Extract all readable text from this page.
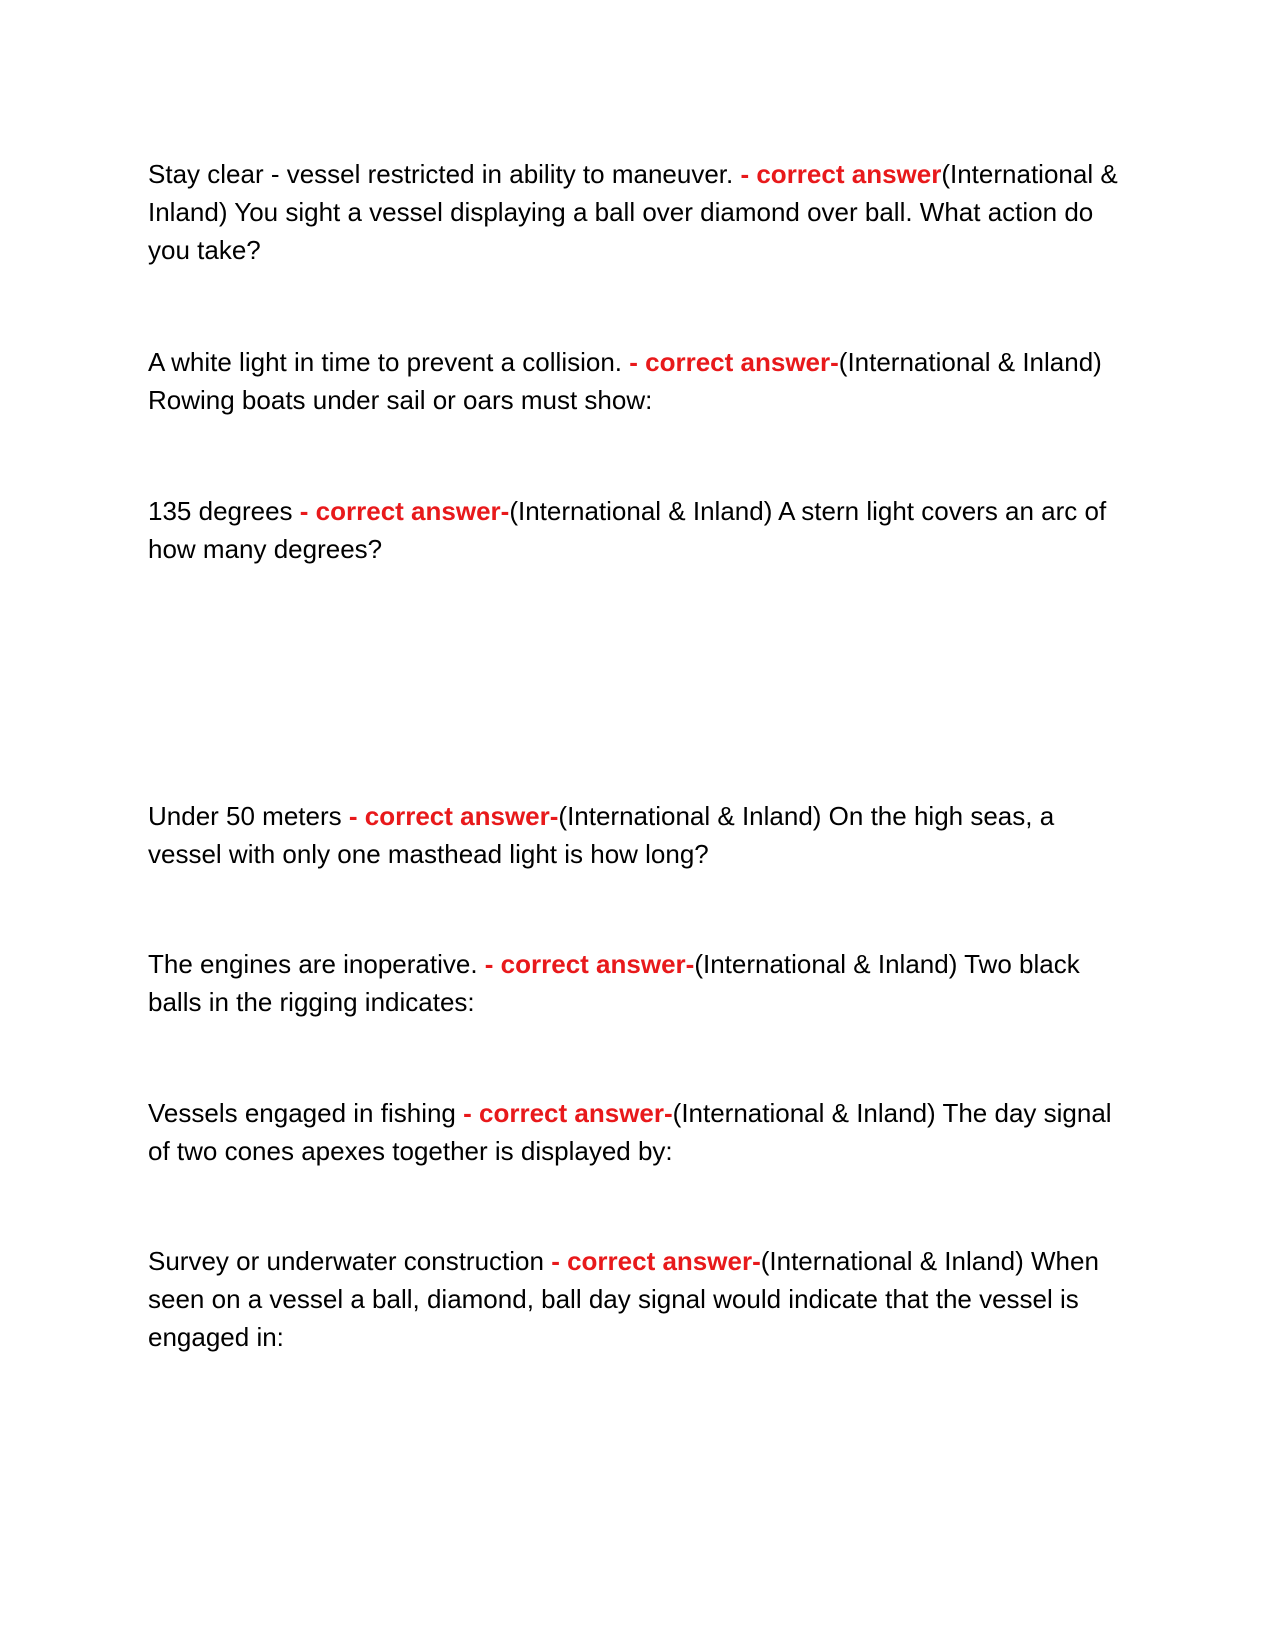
Stay clear - vessel restricted in ability to maneuver. - correct answer(International & Inland) You sight a vessel displaying a ball over diamond over ball. What action do you take?

A white light in time to prevent a collision. - correct answer-(International & Inland) Rowing boats under sail or oars must show:

135 degrees - correct answer-(International & Inland) A stern light covers an arc of how many degrees?

Under 50 meters - correct answer-(International & Inland) On the high seas, a vessel with only one masthead light is how long?

The engines are inoperative. - correct answer-(International & Inland) Two black balls in the rigging indicates:

Vessels engaged in fishing - correct answer-(International & Inland) The day signal of two cones apexes together is displayed by:

Survey or underwater construction - correct answer-(International & Inland) When seen on a vessel a ball, diamond, ball day signal would indicate that the vessel is engaged in:
